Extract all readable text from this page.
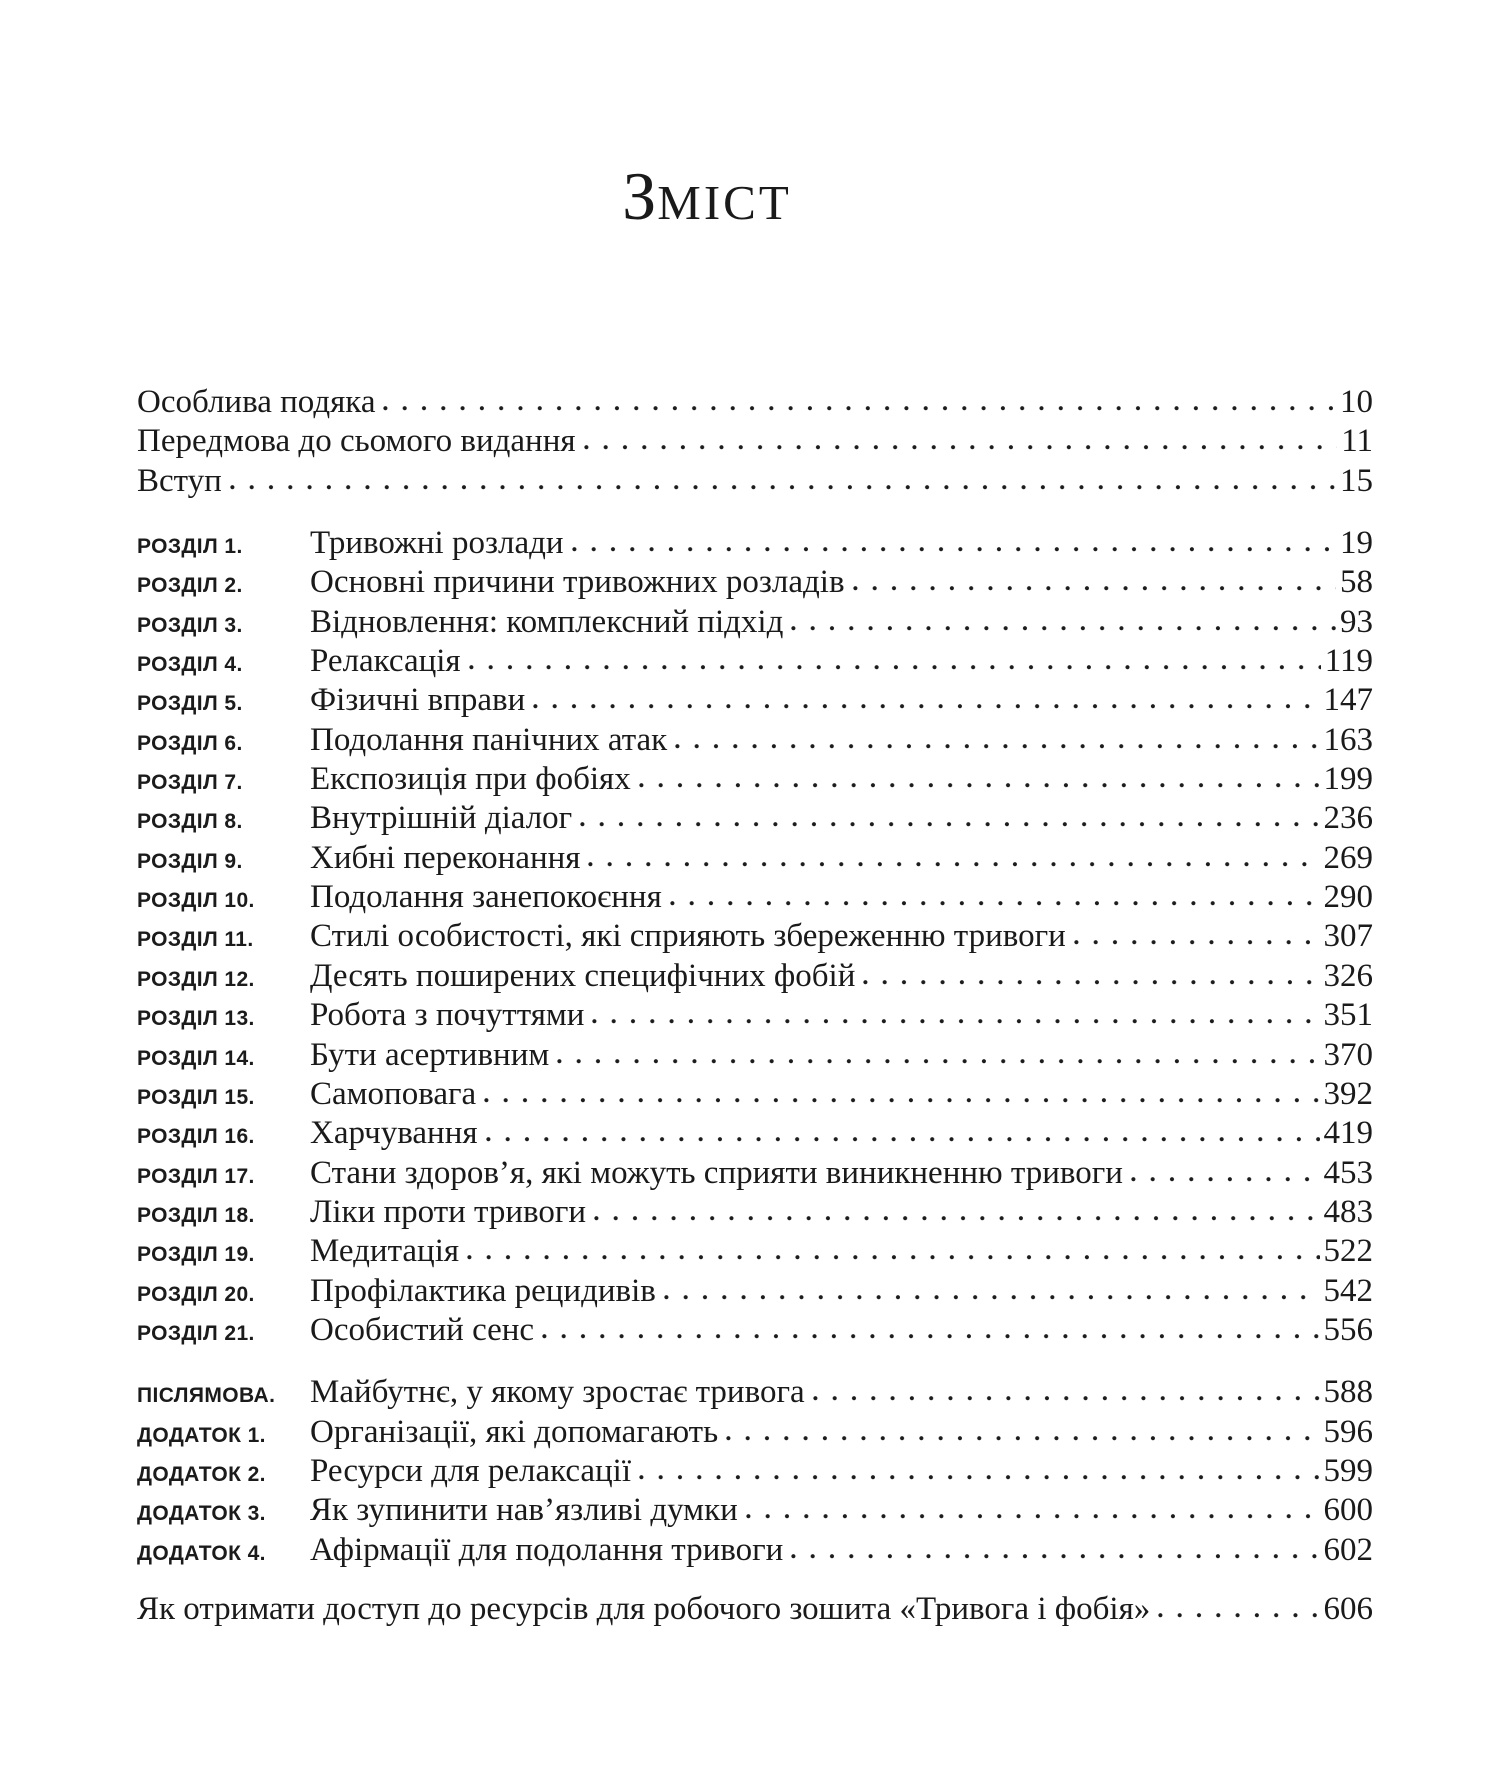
ЗМІСТ
Особлива подяка	10
Передмова до сьомого видання	11
Вступ	15
РОЗДІЛ 1.	Тривожні розлади	19
РОЗДІЛ 2.	Основні причини тривожних розладів	58
РОЗДІЛ 3.	Відновлення: комплексний підхід	93
РОЗДІЛ 4.	Релаксація	119
РОЗДІЛ 5.	Фізичні вправи	147
РОЗДІЛ 6.	Подолання панічних атак	163
РОЗДІЛ 7.	Експозиція при фобіях	199
РОЗДІЛ 8.	Внутрішній діалог	236
РОЗДІЛ 9.	Хибні переконання	269
РОЗДІЛ 10.	Подолання занепокоєння	290
РОЗДІЛ 11.	Стилі особистості, які сприяють збереженню тривоги	307
РОЗДІЛ 12.	Десять поширених специфічних фобій	326
РОЗДІЛ 13.	Робота з почуттями	351
РОЗДІЛ 14.	Бути асертивним	370
РОЗДІЛ 15.	Самоповага	392
РОЗДІЛ 16.	Харчування	419
РОЗДІЛ 17.	Стани здоров’я, які можуть сприяти виникненню тривоги	453
РОЗДІЛ 18.	Ліки проти тривоги	483
РОЗДІЛ 19.	Медитація	522
РОЗДІЛ 20.	Профілактика рецидивів	542
РОЗДІЛ 21.	Особистий сенс	556
ПІСЛЯМОВА.	Майбутнє, у якому зростає тривога	588
ДОДАТОК 1.	Організації, які допомагають	596
ДОДАТОК 2.	Ресурси для релаксації	599
ДОДАТОК 3.	Як зупинити нав’язливі думки	600
ДОДАТОК 4.	Афірмації для подолання тривоги	602
Як отримати доступ до ресурсів для робочого зошита «Тривога і фобія»	606
